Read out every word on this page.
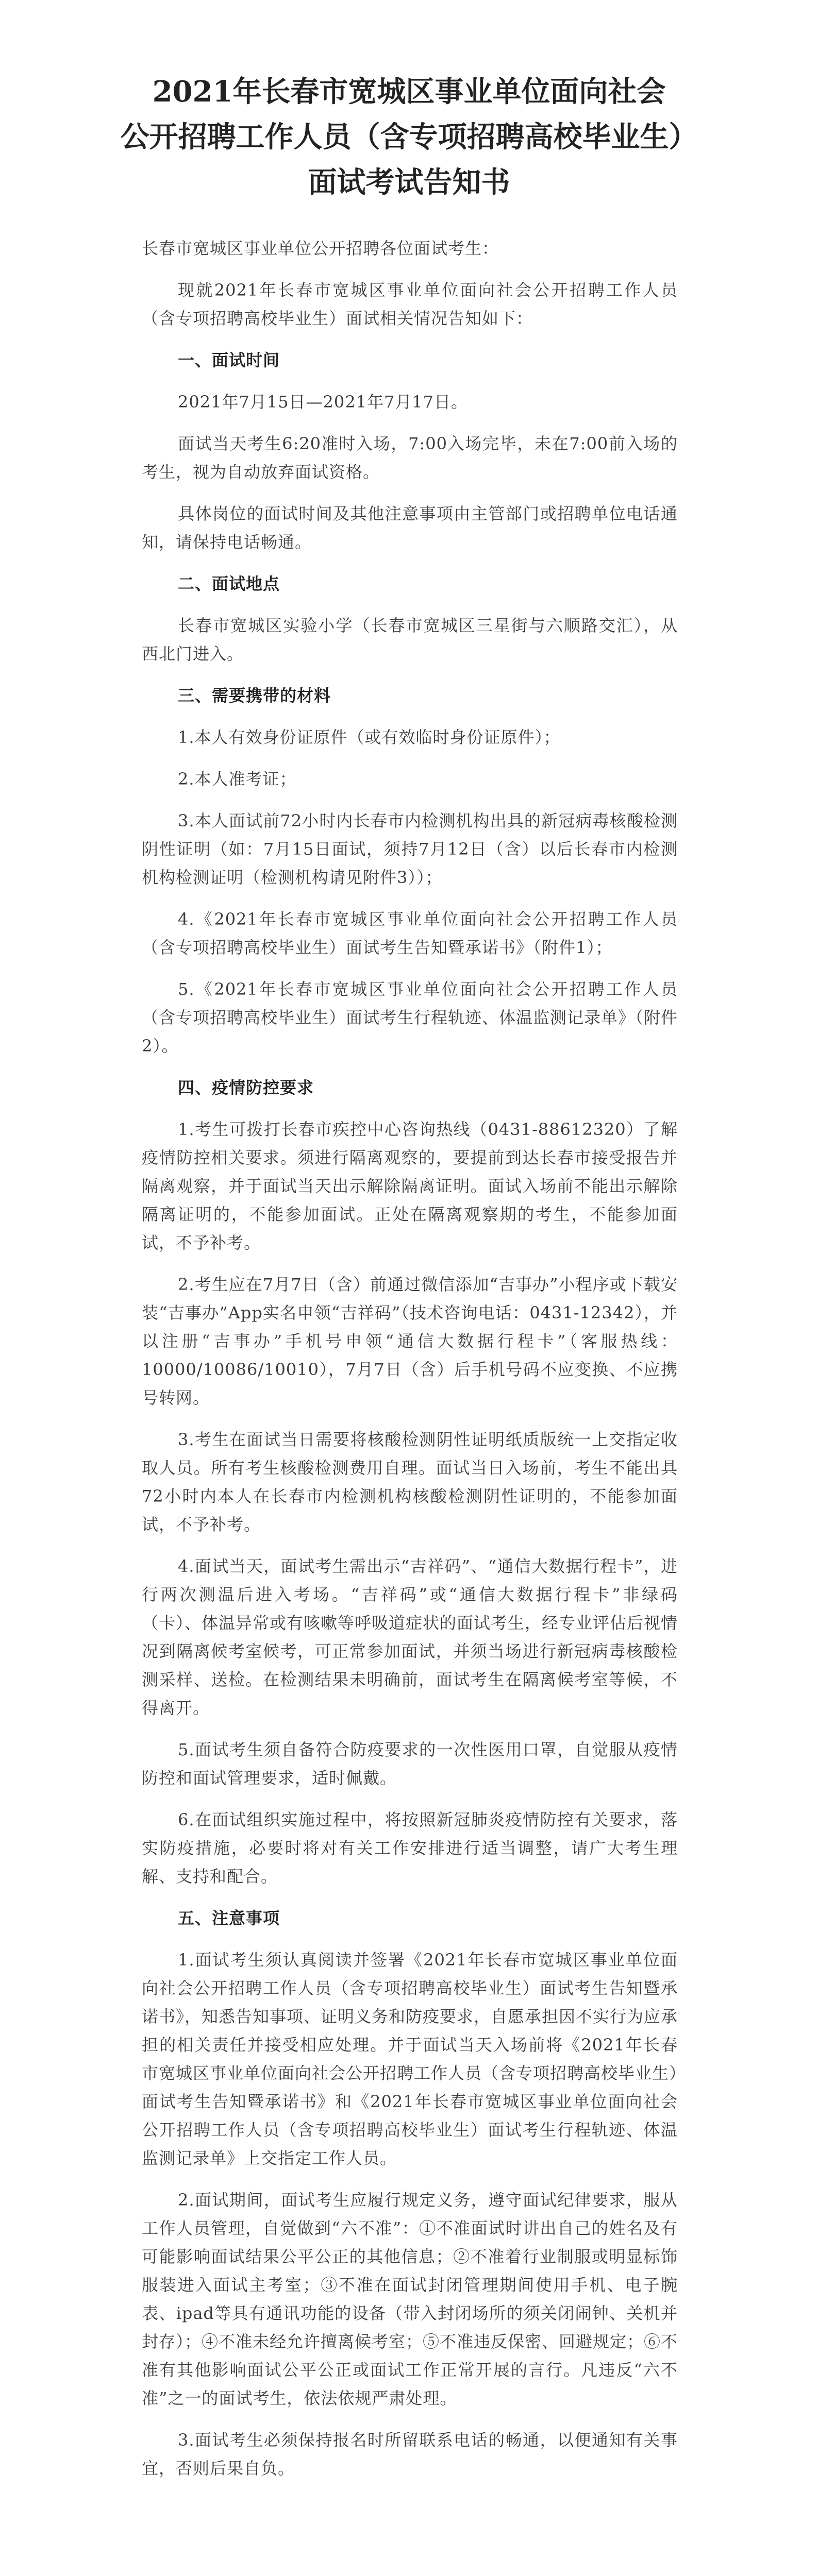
2021年长春市宽城区事业单位面向社会
公开招聘工作人员（含专项招聘高校毕业生）
面试考试告知书

长春市宽城区事业单位公开招聘各位面试考生：

现就2021年长春市宽城区事业单位面向社会公开招聘工作人员（含专项招聘高校毕业生）面试相关情况告知如下：

一、面试时间

2021年7月15日—2021年7月17日。

面试当天考生6:20准时入场，7:00入场完毕，未在7:00前入场的考生，视为自动放弃面试资格。

具体岗位的面试时间及其他注意事项由主管部门或招聘单位电话通知，请保持电话畅通。

二、面试地点

长春市宽城区实验小学（长春市宽城区三星街与六顺路交汇），从西北门进入。

三、需要携带的材料

1.本人有效身份证原件（或有效临时身份证原件）；

2.本人准考证；

3.本人面试前72小时内长春市内检测机构出具的新冠病毒核酸检测阴性证明（如：7月15日面试，须持7月12日（含）以后长春市内检测机构检测证明（检测机构请见附件3））；

4.《2021年长春市宽城区事业单位面向社会公开招聘工作人员（含专项招聘高校毕业生）面试考生告知暨承诺书》（附件1）；

5.《2021年长春市宽城区事业单位面向社会公开招聘工作人员（含专项招聘高校毕业生）面试考生行程轨迹、体温监测记录单》（附件2）。

四、疫情防控要求

1.考生可拨打长春市疾控中心咨询热线（0431-88612320）了解疫情防控相关要求。须进行隔离观察的，要提前到达长春市接受报告并隔离观察，并于面试当天出示解除隔离证明。面试入场前不能出示解除隔离证明的，不能参加面试。正处在隔离观察期的考生，不能参加面试，不予补考。

2.考生应在7月7日（含）前通过微信添加“吉事办”小程序或下载安装“吉事办”App实名申领“吉祥码”（技术咨询电话：0431-12342），并以注册“吉事办”手机号申领“通信大数据行程卡”（客服热线：10000/10086/10010），7月7日（含）后手机号码不应变换、不应携号转网。

3.考生在面试当日需要将核酸检测阴性证明纸质版统一上交指定收取人员。所有考生核酸检测费用自理。面试当日入场前，考生不能出具72小时内本人在长春市内检测机构核酸检测阴性证明的，不能参加面试，不予补考。

4.面试当天，面试考生需出示“吉祥码”、“通信大数据行程卡”，进行两次测温后进入考场。“吉祥码”或“通信大数据行程卡”非绿码（卡）、体温异常或有咳嗽等呼吸道症状的面试考生，经专业评估后视情况到隔离候考室候考，可正常参加面试，并须当场进行新冠病毒核酸检测采样、送检。在检测结果未明确前，面试考生在隔离候考室等候，不得离开。

5.面试考生须自备符合防疫要求的一次性医用口罩，自觉服从疫情防控和面试管理要求，适时佩戴。

6.在面试组织实施过程中，将按照新冠肺炎疫情防控有关要求，落实防疫措施，必要时将对有关工作安排进行适当调整，请广大考生理解、支持和配合。

五、注意事项

1.面试考生须认真阅读并签署《2021年长春市宽城区事业单位面向社会公开招聘工作人员（含专项招聘高校毕业生）面试考生告知暨承诺书》，知悉告知事项、证明义务和防疫要求，自愿承担因不实行为应承担的相关责任并接受相应处理。并于面试当天入场前将《2021年长春市宽城区事业单位面向社会公开招聘工作人员（含专项招聘高校毕业生）面试考生告知暨承诺书》和《2021年长春市宽城区事业单位面向社会公开招聘工作人员（含专项招聘高校毕业生）面试考生行程轨迹、体温监测记录单》上交指定工作人员。

2.面试期间，面试考生应履行规定义务，遵守面试纪律要求，服从工作人员管理，自觉做到“六不准”：①不准面试时讲出自己的姓名及有可能影响面试结果公平公正的其他信息；②不准着行业制服或明显标饰服装进入面试主考室；③不准在面试封闭管理期间使用手机、电子腕表、ipad等具有通讯功能的设备（带入封闭场所的须关闭闹钟、关机并封存）；④不准未经允许擅离候考室；⑤不准违反保密、回避规定；⑥不准有其他影响面试公平公正或面试工作正常开展的言行。凡违反“六不准”之一的面试考生，依法依规严肃处理。

3.面试考生必须保持报名时所留联系电话的畅通，以便通知有关事宜，否则后果自负。
